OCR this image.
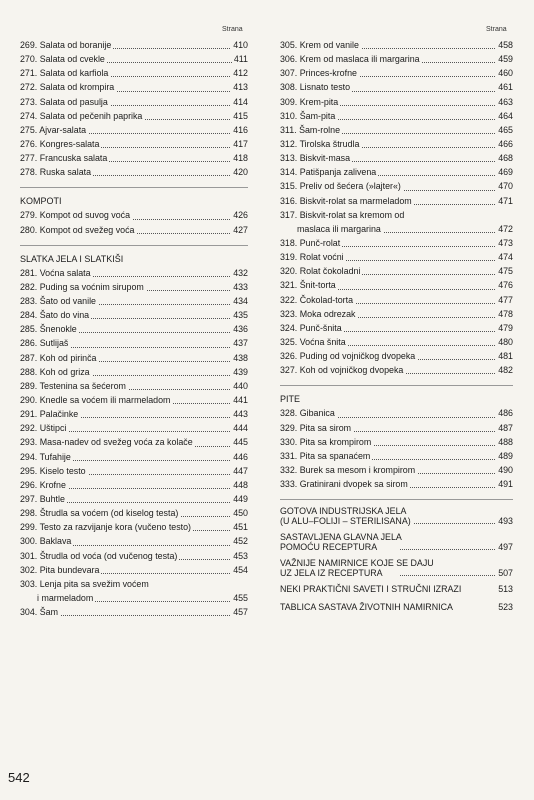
Strana	Strana
269. Salata od boranije	410
270. Salata od cvekle	411
271. Salata od karfiola	412
272. Salata od krompira	413
273. Salata od pasulja	414
274. Salata od pečenih paprika	415
275. Ajvar-salata	416
276. Kongres-salata	417
277. Francuska salata	418
278. Ruska salata	420
KOMPOTI
279. Kompot od suvog voća	426
280. Kompot od svežeg voća	427
SLATKA JELA I SLATKIŠI
281. Voćna salata	432
282. Puding sa voćnim sirupom	433
283. Šato od vanile	434
284. Šato do vina	435
285. Šnenokle	436
286. Sutlijaš	437
287. Koh od pirinča	438
288. Koh od griza	439
289. Testenina sa šećerom	440
290. Knedle sa voćem ili marmeladom	441
291. Palačinke	443
292. Uštipci	444
293. Masa-nadev od svežeg voća za kolače	445
294. Tufahije	446
295. Kiselo testo	447
296. Krofne	448
297. Buhtle	449
298. Štrudla sa voćem (od kiselog testa)	450
299. Testo za razvijanje kora (vučeno testo)	451
300. Baklava	452
301. Štrudla od voća (od vučenog testa)	453
302. Pita bundevara	454
303. Lenja pita sa svežim voćem
i marmeladom	455
304. Šam	457
305. Krem od vanile	458
306. Krem od maslaca ili margarina	459
307. Princes-krofne	460
308. Lisnato testo	461
309. Krem-pita	463
310. Šam-pita	464
311. Šam-rolne	465
312. Tirolska štrudla	466
313. Biskvit-masa	468
314. Patišpanja zalivena	469
315. Preliv od šećera (»lajter«)	470
316. Biskvit-rolat sa marmeladom	471
317. Biskvit-rolat sa kremom od
maslaca ili margarina	472
318. Punč-rolat	473
319. Rolat voćni	474
320. Rolat čokoladni	475
321. Šnit-torta	476
322. Čokolad-torta	477
323. Moka odrezak	478
324. Punč-šnita	479
325. Voćna šnita	480
326. Puding od vojničkog dvopeka	481
327. Koh od vojničkog dvopeka	482
PITE
328. Gibanica	486
329. Pita sa sirom	487
330. Pita sa krompirom	488
331. Pita sa spanaćem	489
332. Burek sa mesom i krompirom	490
333. Gratinirani dvopek sa sirom	491
GOTOVA INDUSTRIJSKA JELA
(U ALU–FOLIJI – STERILISANA)	493
SASTAVLJENA GLAVNA JELA
POMOĆU RECEPTURA	497
VAŽNIJE NAMIRNICE KOJE SE DAJU
UZ JELA IZ RECEPTURA	507
NEKI PRAKTIČNI SAVETI I STRUČNI IZRAZI	513
TABLICA SASTAVA ŽIVOTNIH NAMIRNICA	523
542
